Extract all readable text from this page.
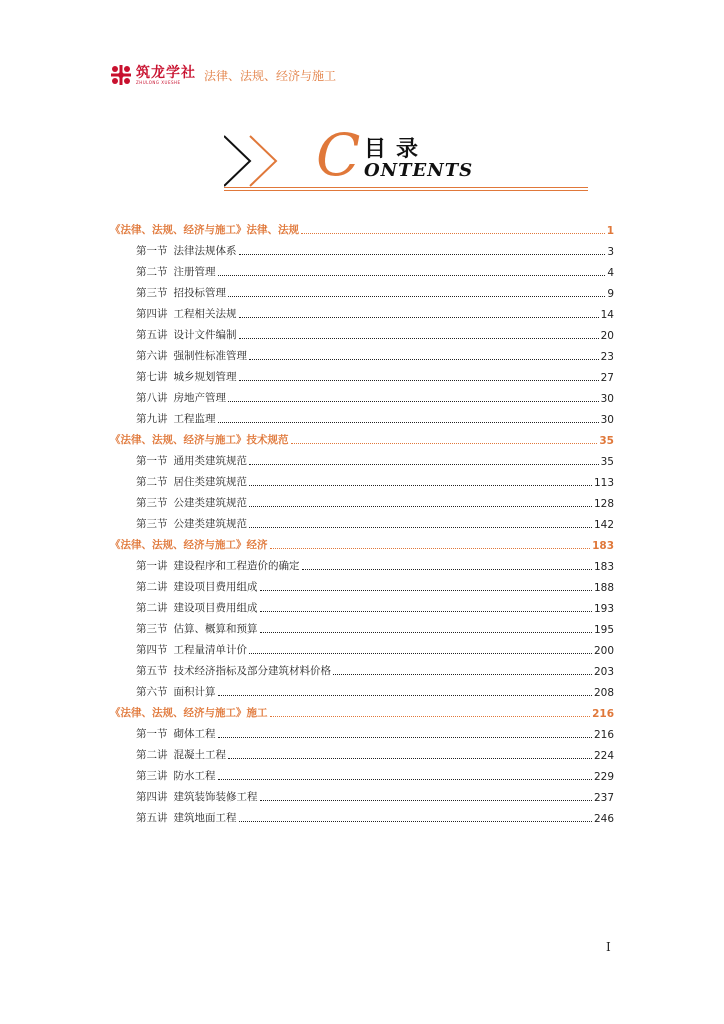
筑龙学社
ZHULONG XUESHE	法律、法规、经济与施工
C 目录
ONTENTS
《法律、法规、经济与施工》法律、法规	1
第一节 法律法规体系	3
第二节 注册管理	4
第三节 招投标管理	9
第四讲 工程相关法规	14
第五讲 设计文件编制	20
第六讲 强制性标准管理	23
第七讲 城乡规划管理	27
第八讲 房地产管理	30
第九讲 工程监理	30
《法律、法规、经济与施工》技术规范	35
第一节 通用类建筑规范	35
第二节 居住类建筑规范	113
第三节 公建类建筑规范	128
第三节 公建类建筑规范	142
《法律、法规、经济与施工》经济	183
第一讲 建设程序和工程造价的确定	183
第二讲 建设项目费用组成	188
第二讲 建设项目费用组成	193
第三节 估算、概算和预算	195
第四节 工程量清单计价	200
第五节 技术经济指标及部分建筑材料价格	203
第六节 面积计算	208
《法律、法规、经济与施工》施工	216
第一节 砌体工程	216
第二讲 混凝土工程	224
第三讲 防水工程	229
第四讲 建筑装饰装修工程	237
第五讲 建筑地面工程	246
I
